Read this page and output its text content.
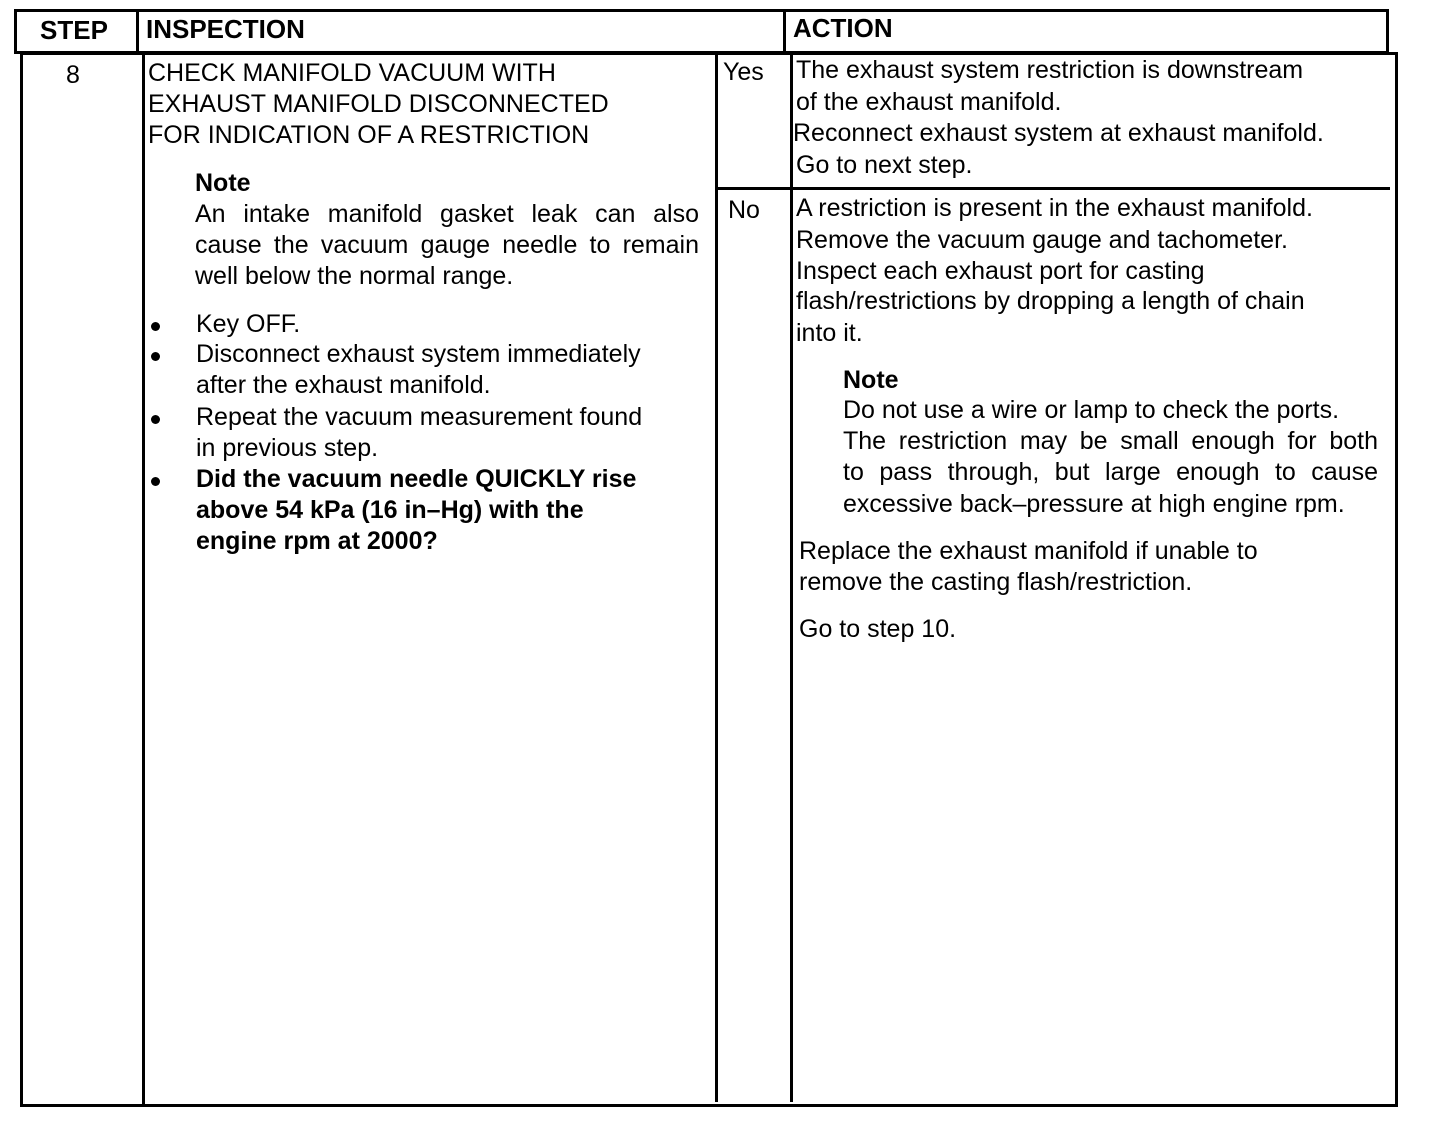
STEP INSPECTION	ACTION
8	CHECK MANIFOLD VACUUM WITH
EXHAUST MANIFOLD DISCONNECTED
FOR INDICATION OF A RESTRICTION
Note
An intake manifold gasket leak can also
cause the vacuum gauge needle to remain
well below the normal range.
Key OFF.
Disconnect exhaust system immediately
after the exhaust manifold.
Repeat the vacuum measurement found
in previous step.
Did the vacuum needle QUICKLY rise
above 54 kPa (16 in–Hg) with the
engine rpm at 2000?
Yes
No
The exhaust system restriction is downstream
of the exhaust manifold.
Reconnect exhaust system at exhaust manifold.
Go to next step.
A restriction is present in the exhaust manifold.
Remove the vacuum gauge and tachometer.
Inspect each exhaust port for casting
flash/restrictions by dropping a length of chain
into it.
Note
Do not use a wire or lamp to check the ports.
The restriction may be small enough for both
to pass through, but large enough to cause
excessive back–pressure at high engine rpm.
Replace the exhaust manifold if unable to
remove the casting flash/restriction.
Go to step 10.
